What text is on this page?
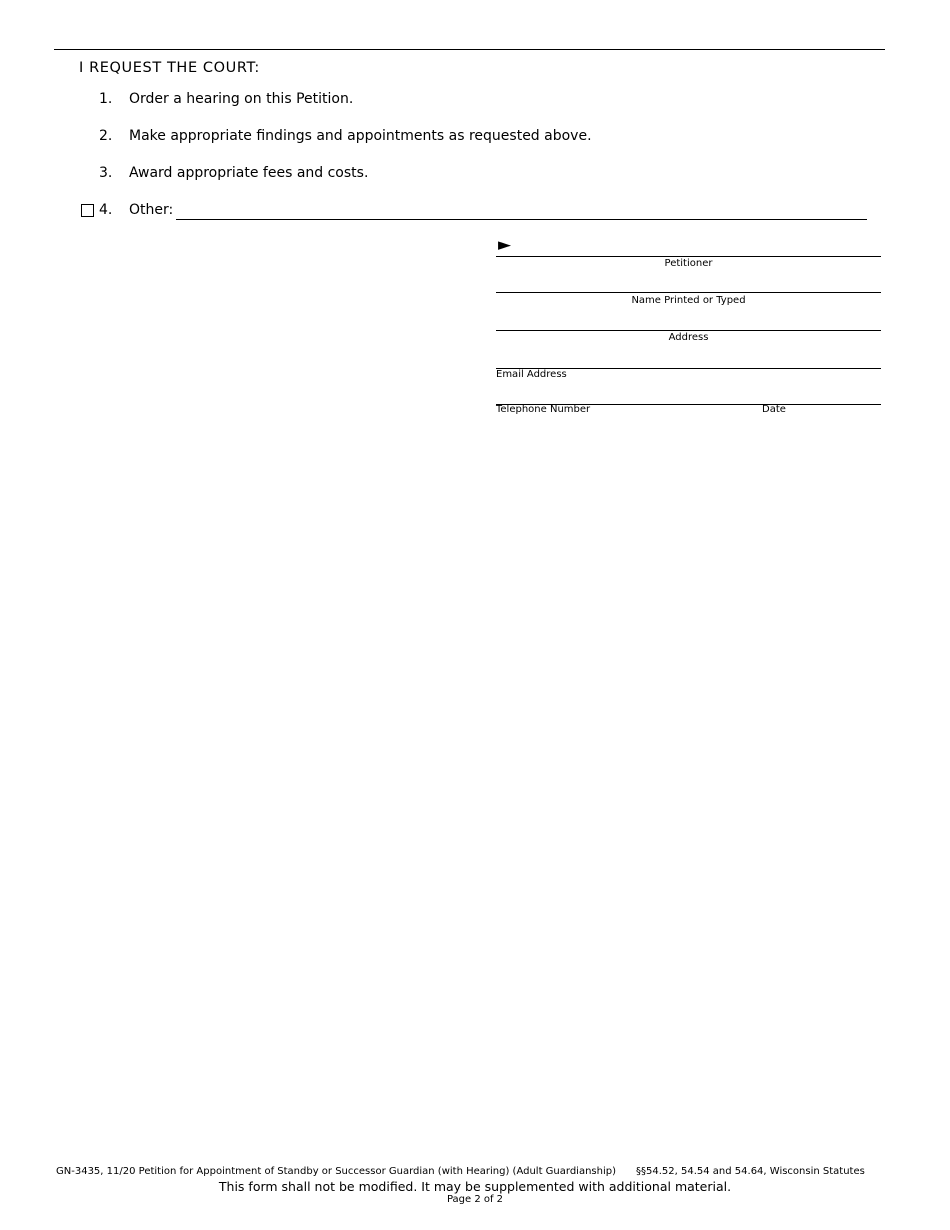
I REQUEST THE COURT:
1. Order a hearing on this Petition.
2. Make appropriate findings and appointments as requested above.
3. Award appropriate fees and costs.
4. Other:
►
Petitioner
Name Printed or Typed
Address
Email Address
Telephone Number	Date
GN-3435, 11/20 Petition for Appointment of Standby or Successor Guardian (with Hearing) (Adult Guardianship) §§54.52, 54.54 and 54.64, Wisconsin Statutes
This form shall not be modified. It may be supplemented with additional material.
Page 2 of 2
